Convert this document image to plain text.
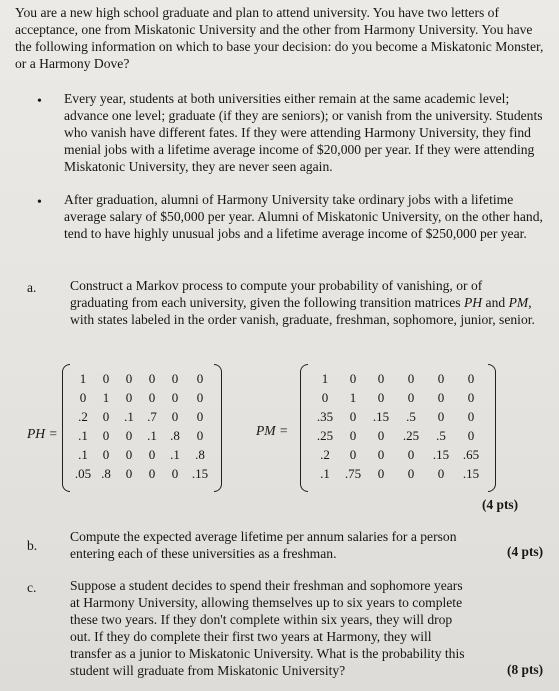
You are a new high school graduate and plan to attend university. You have two letters of acceptance, one from Miskatonic University and the other from Harmony University. You have the following information on which to base your decision: do you become a Miskatonic Monster, or a Harmony Dove?
• Every year, students at both universities either remain at the same academic level; advance one level; graduate (if they are seniors); or vanish from the university. Students who vanish have different fates. If they were attending Harmony University, they find menial jobs with a lifetime average income of $20,000 per year. If they were attending Miskatonic University, they are never seen again.
• After graduation, alumni of Harmony University take ordinary jobs with a lifetime average salary of $50,000 per year. Alumni of Miskatonic University, on the other hand, tend to have highly unusual jobs and a lifetime average income of $250,000 per year.
a. Construct a Markov process to compute your probability of vanishing, or of graduating from each university, given the following transition matrices PH and PM, with states labeled in the order vanish, graduate, freshman, sophomore, junior, senior.
PH =
1	0	0	0	0	0
0	1	0	0	0	0
.2	0	.1	.7	0	0
.1	0	0	.1	.8	0
.1	0	0	0	.1	.8
.05	.8	0	0	0	.15
PM =
1	0	0	0	0	0
0	1	0	0	0	0
.35	0	.15	.5	0	0
.25	0	0	.25	.5	0
.2	0	0	0	.15	.65
.1	.75	0	0	0	.15
(4 pts)
b.
Compute the expected average lifetime per annum salaries for a person entering each of these universities as a freshman.	(4 pts)
c. Suppose a student decides to spend their freshman and sophomore years at Harmony University, allowing themselves up to six years to complete these two years. If they don't complete within six years, they will drop out. If they do complete their first two years at Harmony, they will transfer as a junior to Miskatonic University. What is the probability this student will graduate from Miskatonic University?	(8 pts)
